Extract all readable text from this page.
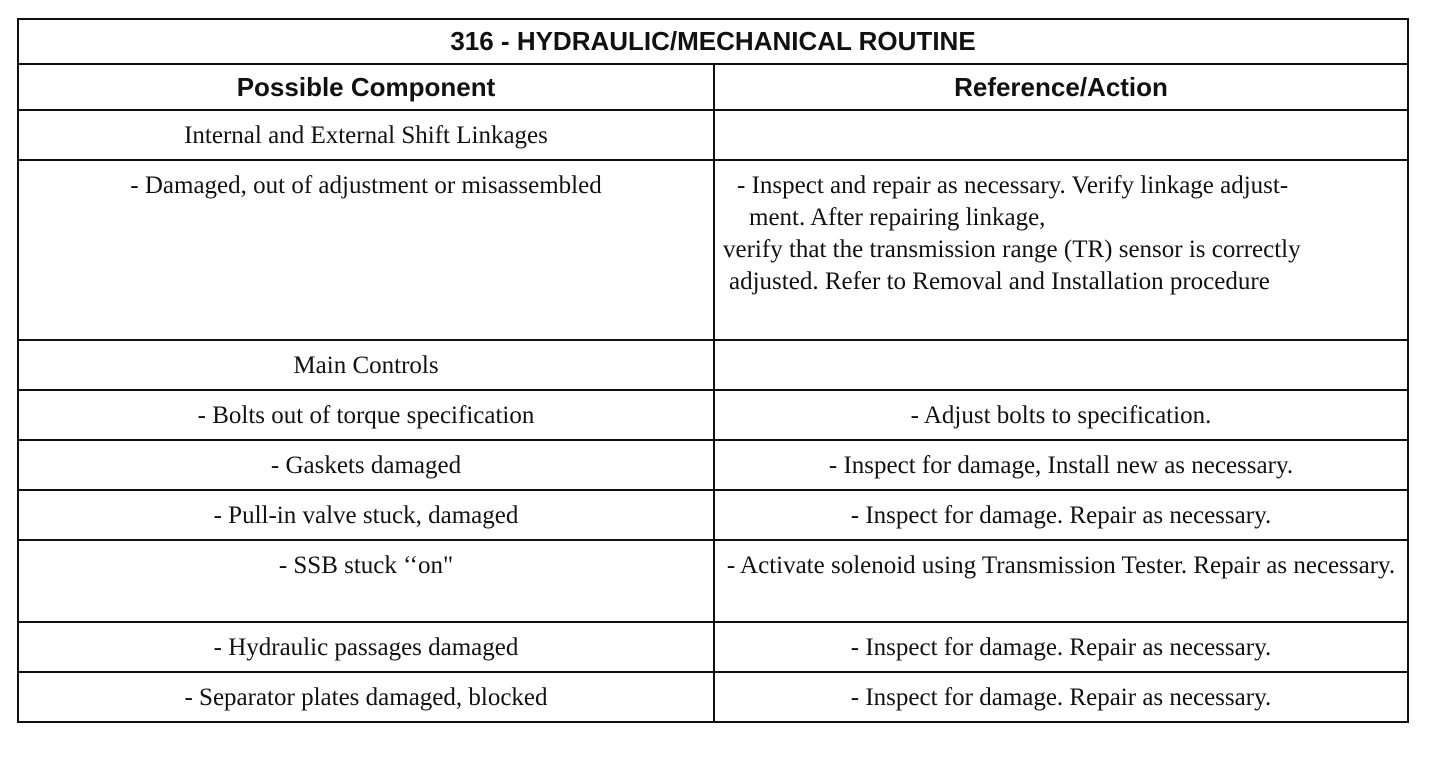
316 - HYDRAULIC/MECHANICAL ROUTINE	
Possible Component	Reference/Action
Internal and External Shift Linkages	
- Damaged, out of adjustment or misassembled	- Inspect and repair as necessary. Verify linkage adjust-
ment. After repairing linkage,
verify that the transmission range (TR) sensor is correctly
adjusted. Refer to Removal and Installation procedure

Main Controls	
- Bolts out of torque specification	- Adjust bolts to specification.
- Gaskets damaged	- Inspect for damage, Install new as necessary.
- Pull-in valve stuck, damaged	- Inspect for damage. Repair as necessary.
- SSB stuck ‘‘on"	- Activate solenoid using Transmission Tester. Repair as necessary.
- Hydraulic passages damaged	- Inspect for damage. Repair as necessary.
- Separator plates damaged, blocked	- Inspect for damage. Repair as necessary.
